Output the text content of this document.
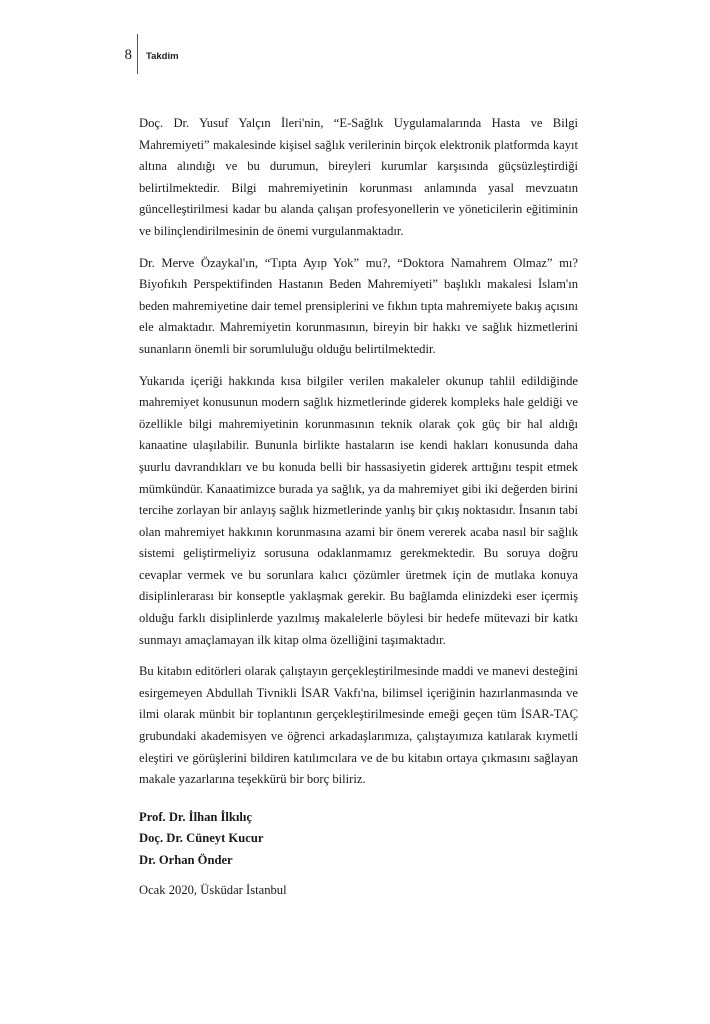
8 Takdim

Doç. Dr. Yusuf Yalçın İleri'nin, “E-Sağlık Uygulamalarında Hasta ve Bilgi Mahremiyeti” makalesinde kişisel sağlık verilerinin birçok elektronik platformda kayıt altına alındığı ve bu durumun, bireyleri kurumlar karşısında güçsüzleştirdiği belirtilmektedir. Bilgi mahremiyetinin korunması anlamında yasal mevzuatın güncelleştirilmesi kadar bu alanda çalışan profesyonellerin ve yöneticilerin eğitiminin ve bilinçlendirilmesinin de önemi vurgulanmaktadır.

Dr. Merve Özaykal'ın, “Tıpta Ayıp Yok” mu?, “Doktora Namahrem Olmaz” mı? Biyofıkıh Perspektifinden Hastanın Beden Mahremiyeti” başlıklı makalesi İslam'ın beden mahremiyetine dair temel prensiplerini ve fıkhın tıpta mahremiyete bakış açısını ele almaktadır. Mahremiyetin korunmasının, bireyin bir hakkı ve sağlık hizmetlerini sunanların önemli bir sorumluluğu olduğu belirtilmektedir.

Yukarıda içeriği hakkında kısa bilgiler verilen makaleler okunup tahlil edildiğinde mahremiyet konusunun modern sağlık hizmetlerinde giderek kompleks hale geldiği ve özellikle bilgi mahremiyetinin korunmasının teknik olarak çok güç bir hal aldığı kanaatine ulaşılabilir. Bununla birlikte hastaların ise kendi hakları konusunda daha şuurlu davrandıkları ve bu konuda belli bir hassasiyetin giderek arttığını tespit etmek mümkündür. Kanaatimizce burada ya sağlık, ya da mahremiyet gibi iki değerden birini tercihe zorlayan bir anlayış sağlık hizmetlerinde yanlış bir çıkış noktasıdır. İnsanın tabi olan mahremiyet hakkının korunmasına azami bir önem vererek acaba nasıl bir sağlık sistemi geliştirmeliyiz sorusuna odaklanmamız gerekmektedir. Bu soruya doğru cevaplar vermek ve bu sorunlara kalıcı çözümler üretmek için de mutlaka konuya disiplinlerarası bir konseptle yaklaşmak gerekir. Bu bağlamda elinizdeki eser içermiş olduğu farklı disiplinlerde yazılmış makalelerle böylesi bir hedefe mütevazi bir katkı sunmayı amaçlamayan ilk kitap olma özelliğini taşımaktadır.

Bu kitabın editörleri olarak çalıştayın gerçekleştirilmesinde maddi ve manevi desteğini esirgemeyen Abdullah Tivnikli İSAR Vakfı'na, bilimsel içeriğinin hazırlanmasında ve ilmi olarak münbit bir toplantının gerçekleştirilmesinde emeği geçen tüm İSAR-TAÇ grubundaki akademisyen ve öğrenci arkadaşlarımıza, çalıştayımıza katılarak kıymetli eleştiri ve görüşlerini bildiren katılımcılara ve de bu kitabın ortaya çıkmasını sağlayan makale yazarlarına teşekkürü bir borç biliriz.

Prof. Dr. İlhan İlkılıç
Doç. Dr. Cüneyt Kucur
Dr. Orhan Önder
Ocak 2020, Üsküdar İstanbul
